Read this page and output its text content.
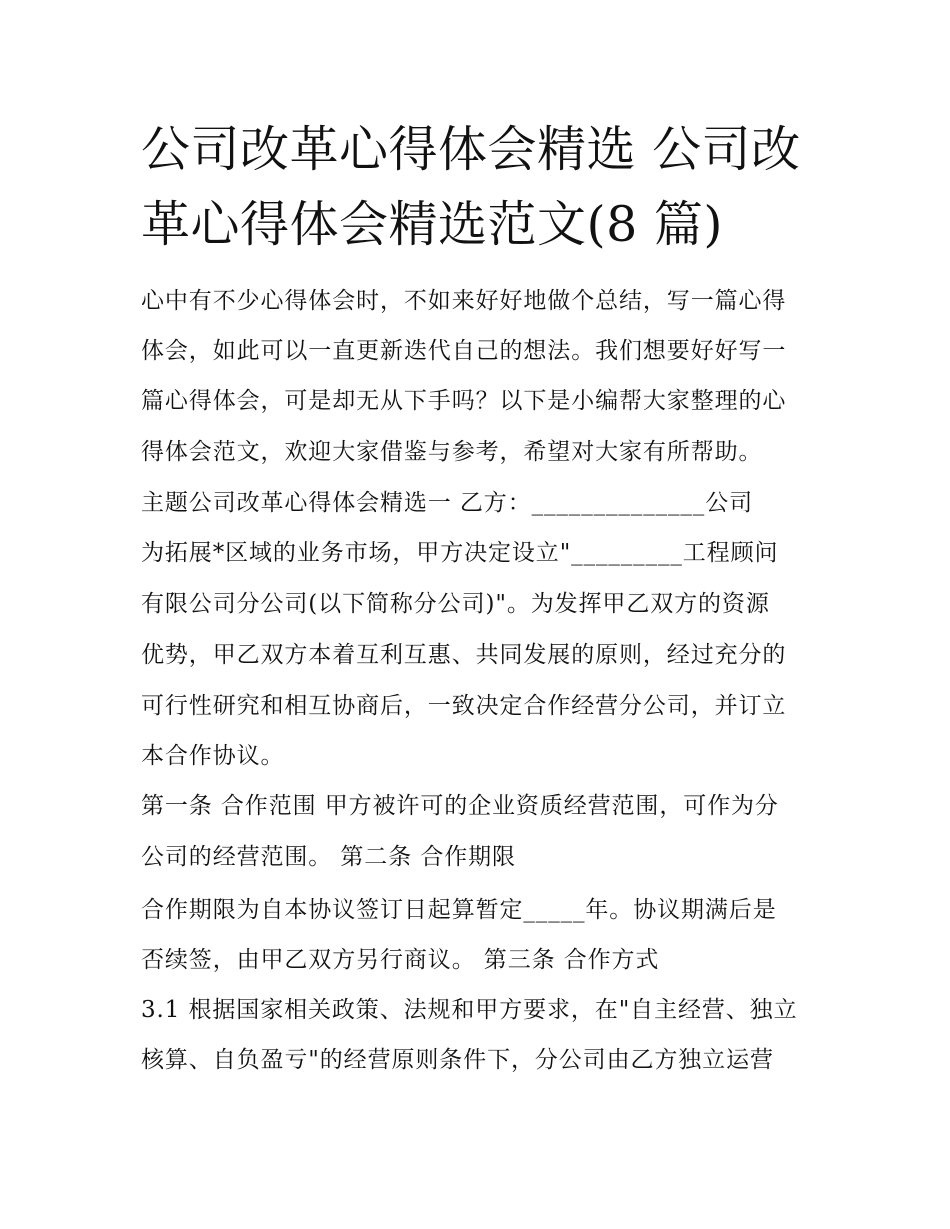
公司改革心得体会精选 公司改
革心得体会精选范文(8 篇)
心中有不少心得体会时，不如来好好地做个总结，写一篇心得
体会，如此可以一直更新迭代自己的想法。我们想要好好写一
篇心得体会，可是却无从下手吗？以下是小编帮大家整理的心
得体会范文，欢迎大家借鉴与参考，希望对大家有所帮助。
主题公司改革心得体会精选一 乙方：______________公司
为拓展*区域的业务市场，甲方决定设立"_________工程顾问
有限公司分公司(以下简称分公司)"。为发挥甲乙双方的资源
优势，甲乙双方本着互利互惠、共同发展的原则，经过充分的
可行性研究和相互协商后，一致决定合作经营分公司，并订立
本合作协议。
第一条 合作范围 甲方被许可的企业资质经营范围，可作为分
公司的经营范围。 第二条 合作期限
合作期限为自本协议签订日起算暂定_____年。协议期满后是
否续签，由甲乙双方另行商议。 第三条 合作方式
3.1 根据国家相关政策、法规和甲方要求，在"自主经营、独立
核算、自负盈亏"的经营原则条件下，分公司由乙方独立运营
